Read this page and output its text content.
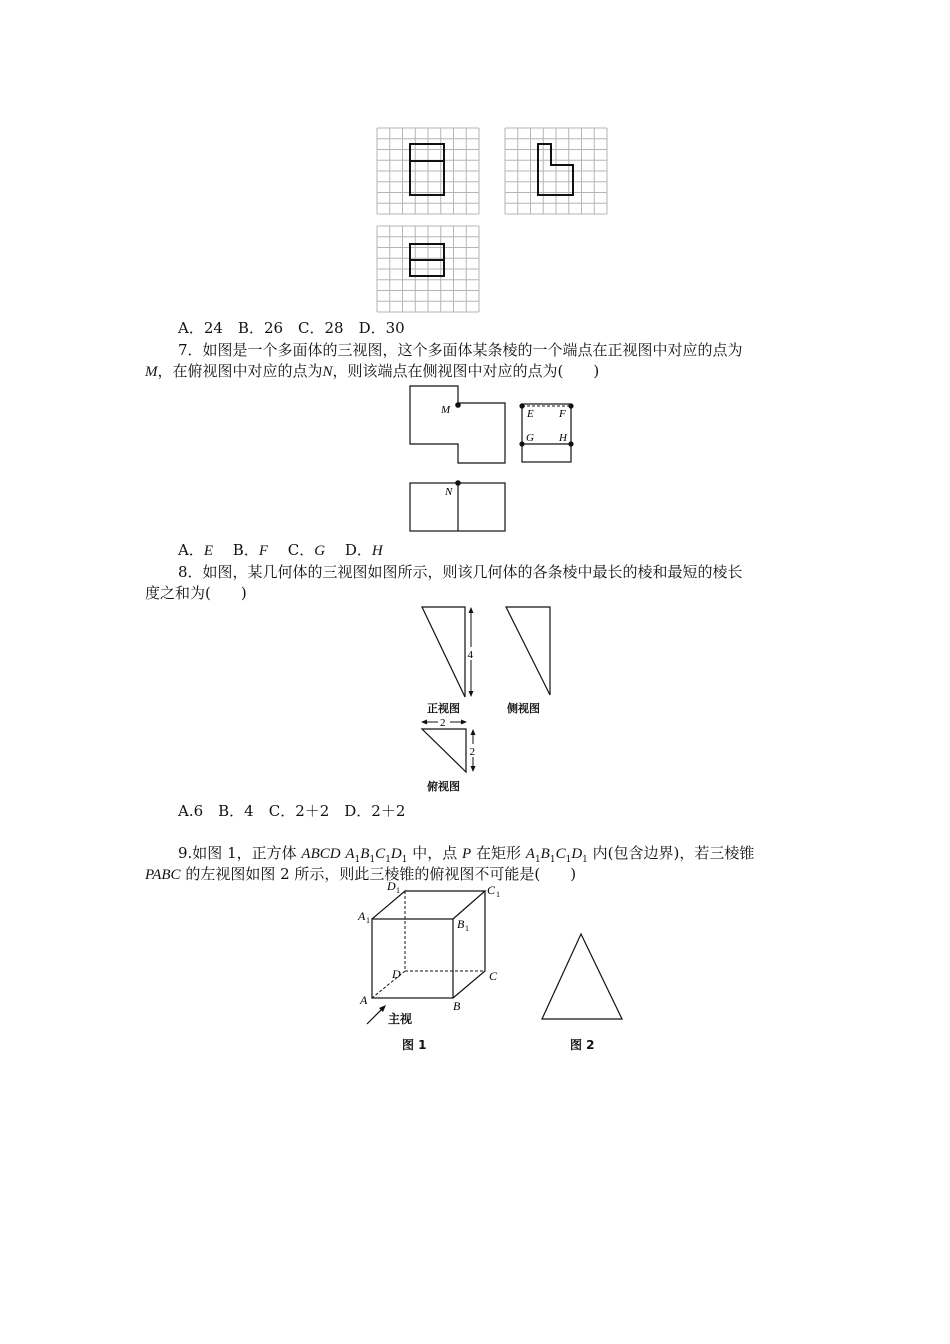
A．24　B．26　C．28　D．30
7．如图是一个多面体的三视图，这个多面体某条棱的一个端点在正视图中对应的点为
M，在俯视图中对应的点为N，则该端点在侧视图中对应的点为(　　)
M	E F
G H
N
A．E　 B．F　 C．G　 D．H
8．如图，某几何体的三视图如图所示，则该几何体的各条棱中最长的棱和最短的棱长
度之和为(　　)
4
正视图	侧视图
2
2
俯视图
A.6　B．4　C．2＋2　D．2＋2
9.如图 1，正方体 ABCD $A_1B_1C_1D_1$ 中，点 P 在矩形 $A_1B_1C_1D_1$ 内(包含边界)，若三棱锥
PABC 的左视图如图 2 所示，则此三棱锥的俯视图不可能是(　　)
D 1	C 1
A 1	B 1
D	C
A	B
主视
图 1	图 2
